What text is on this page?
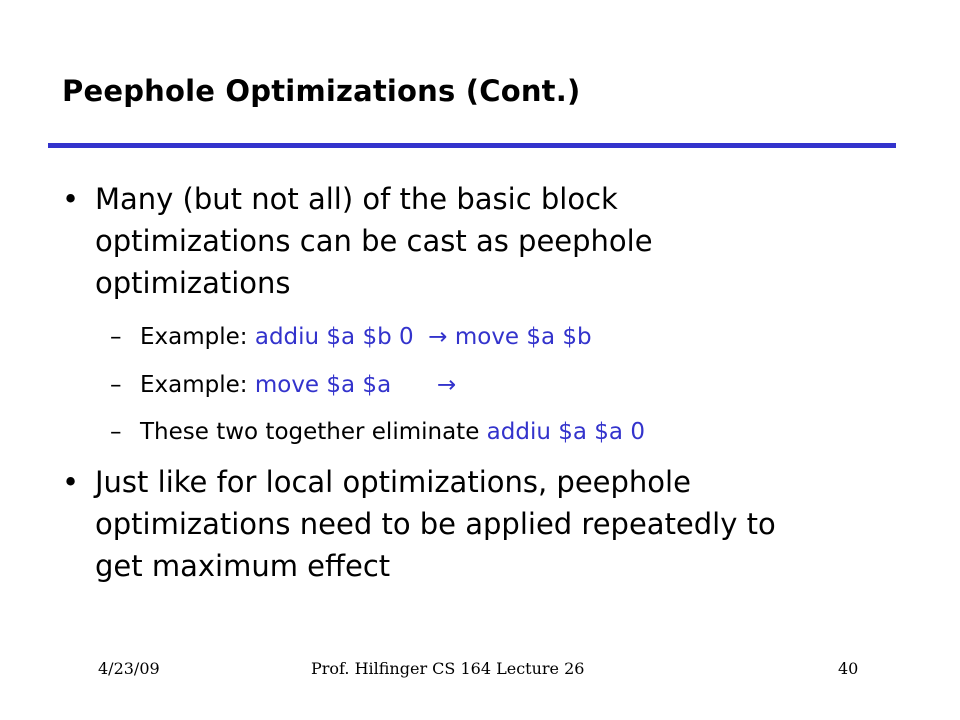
Peephole Optimizations (Cont.)
• Many (but not all) of the basic block
optimizations can be cast as peephole
optimizations
– Example: addiu $a $b 0  → move $a $b
– Example: move $a $a →
– These two together eliminate addiu $a $a 0
• Just like for local optimizations, peephole
optimizations need to be applied repeatedly to
get maximum effect
4/23/09	Prof. Hilfinger CS 164 Lecture 26	40
